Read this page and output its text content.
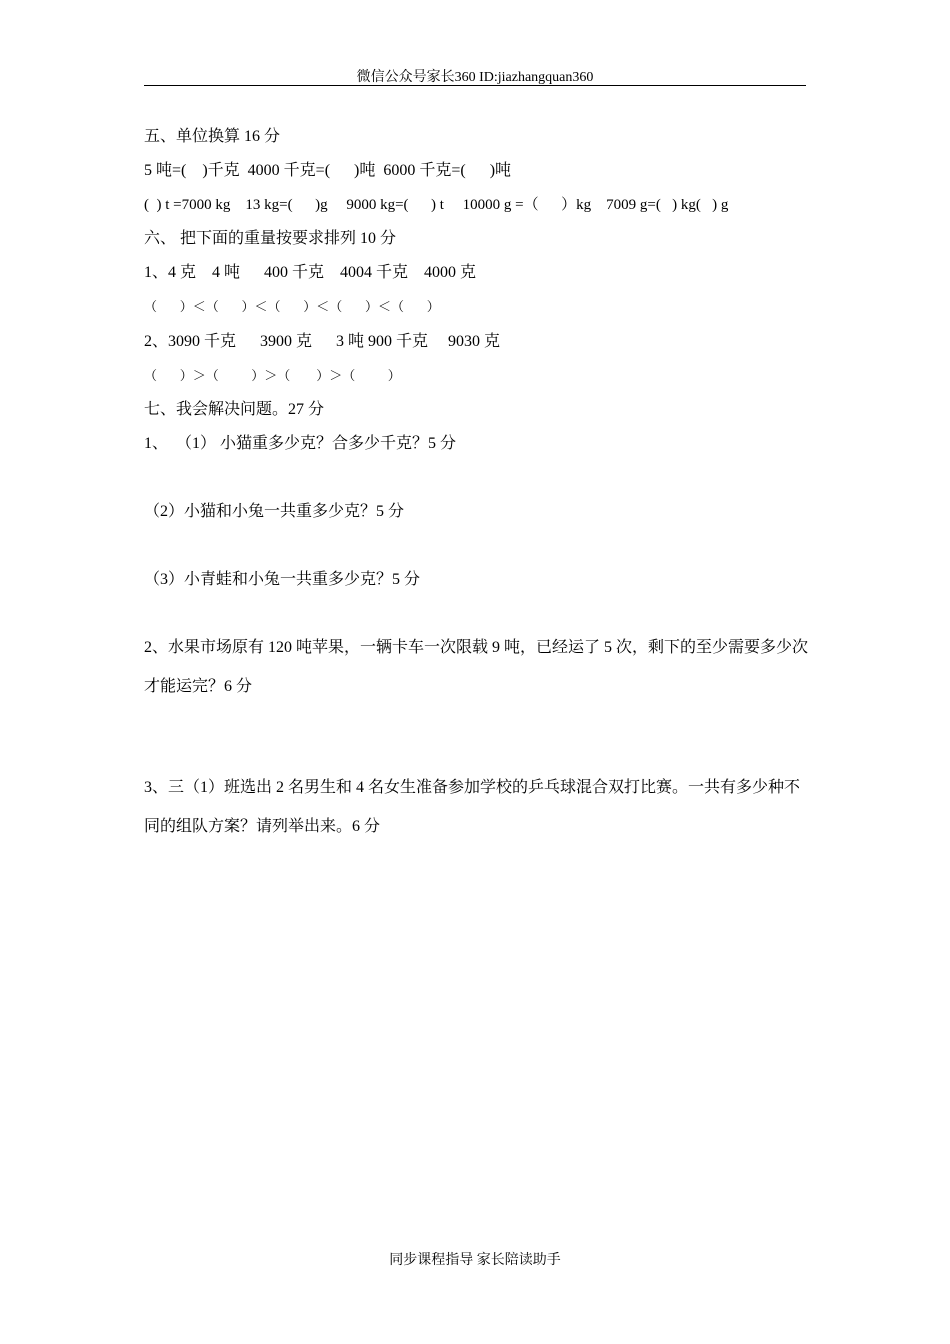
微信公众号家长360 ID:jiazhangquan360
五、单位换算 16 分
5 吨=(    )千克  4000 千克=(      )吨  6000 千克=(      )吨
(  ) t =7000 kg    13 kg=(      )g     9000 kg=(      ) t     10000 g =（      ）kg    7009 g=(   ) kg(   ) g
六、 把下面的重量按要求排列 10 分
1、4 克    4 吨      400 千克    4004 千克    4000 克
（       ）＜（       ）＜（       ）＜（       ）＜（       ）
2、3090 千克      3900 克      3 吨 900 千克     9030 克
（       ）＞（          ）＞（        ）＞（          ）
七、我会解决问题。27 分
1、  （1） 小猫重多少克？合多少千克？5 分
（2）小猫和小兔一共重多少克？5 分
（3）小青蛙和小兔一共重多少克？5 分
2、水果市场原有 120 吨苹果，一辆卡车一次限载 9 吨，已经运了 5 次，剩下的至少需要多少次
才能运完？6 分
3、三（1）班选出 2 名男生和 4 名女生准备参加学校的乒乓球混合双打比赛。一共有多少种不
同的组队方案？请列举出来。6 分
同步课程指导 家长陪读助手
